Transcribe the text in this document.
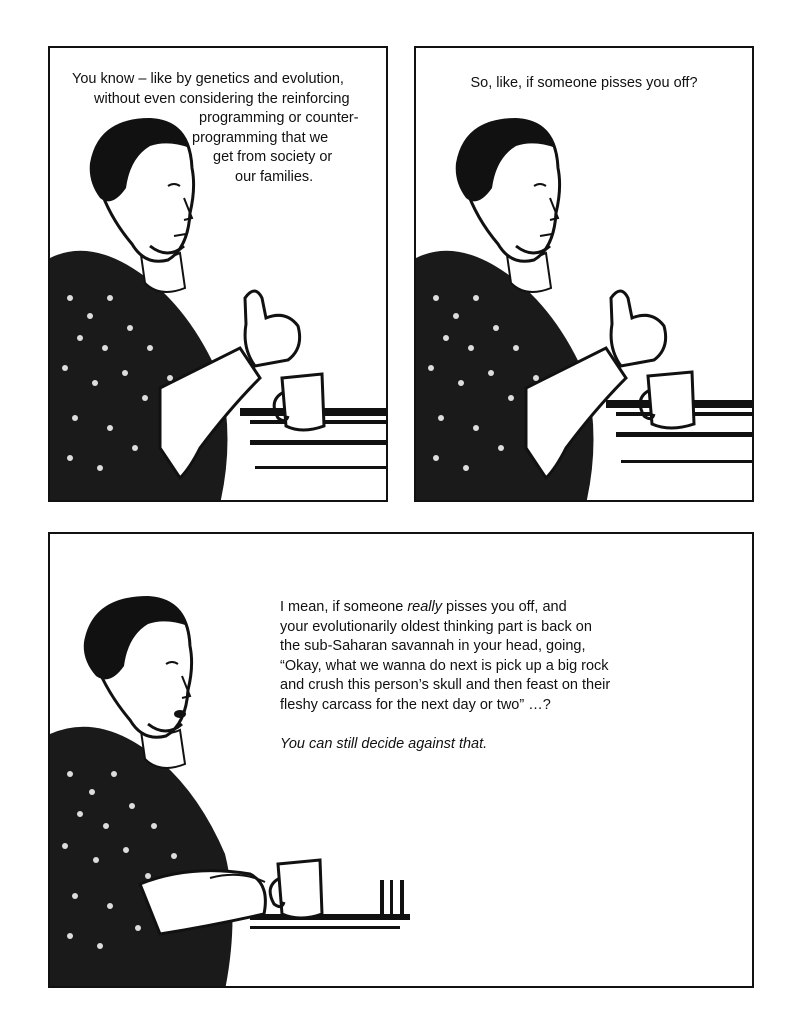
You know – like by genetics and evolution,
without even considering the reinforcing
programming or counter-
programming that we
get from society or
our families.
So, like, if someone pisses you off?
I mean, if someone really pisses you off, and
your evolutionarily oldest thinking part is back on
the sub-Saharan savannah in your head, going,
“Okay, what we wanna do next is pick up a big rock
and crush this person’s skull and then feast on their
fleshy carcass for the next day or two” …?
You can still decide against that.
